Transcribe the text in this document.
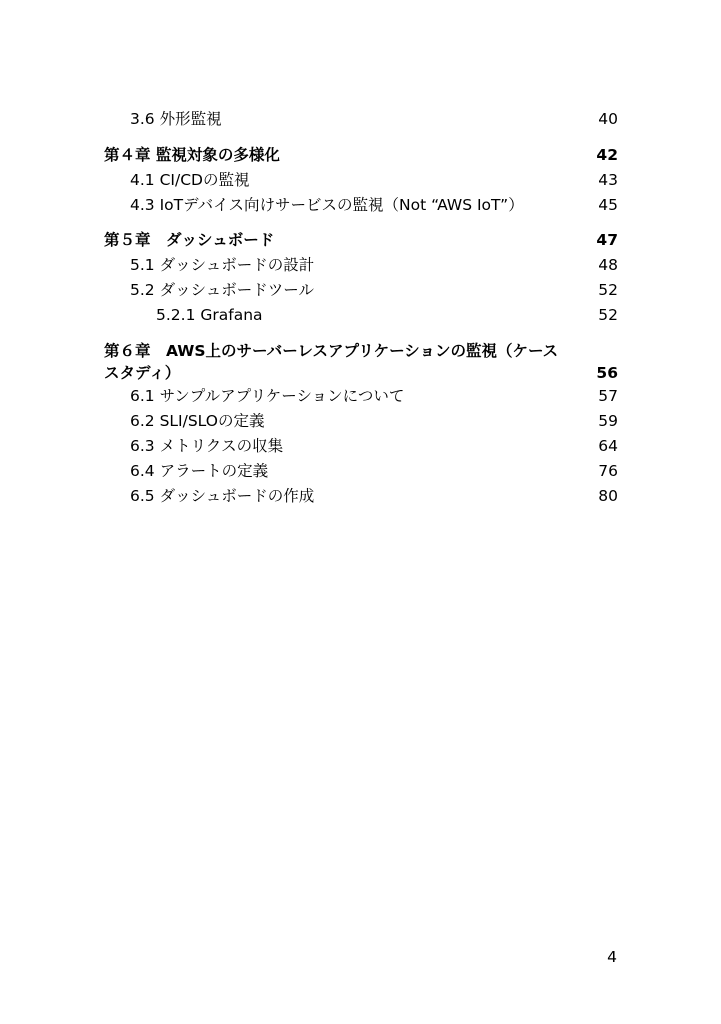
3.6 外形監視	40
第４章 監視対象の多様化	42
4.1 CI/CDの監視	43
4.3 IoTデバイス向けサービスの監視（Not “AWS IoT”）	45
第５章　ダッシュボード	47
5.1 ダッシュボードの設計	48
5.2 ダッシュボードツール	52
5.2.1 Grafana	52
第６章　AWS上のサーバーレスアプリケーションの監視（ケース
スタディ）	56
6.1 サンプルアプリケーションについて	57
6.2 SLI/SLOの定義	59
6.3 メトリクスの収集	64
6.4 アラートの定義	76
6.5 ダッシュボードの作成	80
4
